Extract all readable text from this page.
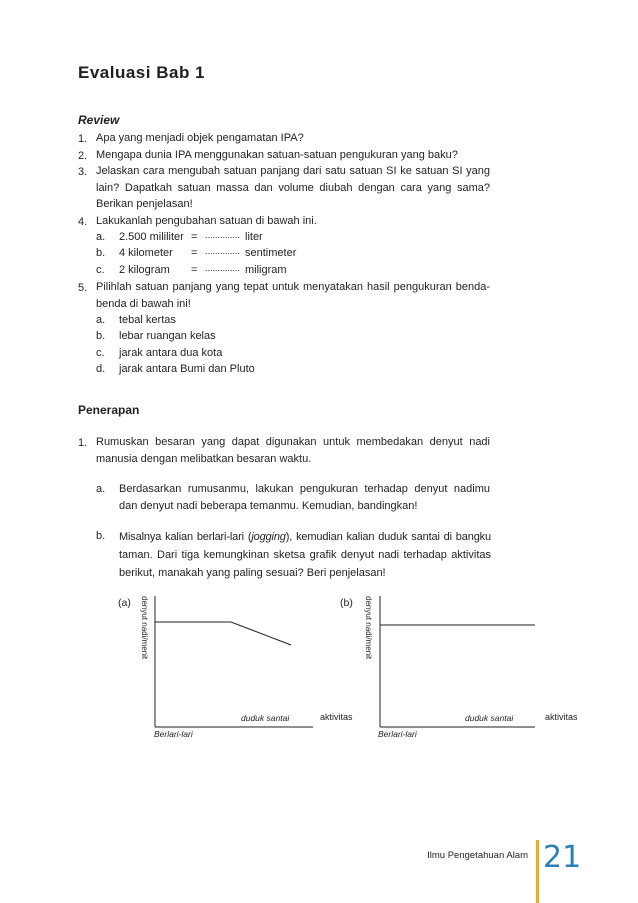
Evaluasi Bab 1
Review
1. Apa yang menjadi objek pengamatan IPA?
2. Mengapa dunia IPA menggunakan satuan-satuan pengukuran yang baku?
3. Jelaskan cara mengubah satuan panjang dari satu satuan SI ke satuan SI yang
lain? Dapatkah satuan massa dan volume diubah dengan cara yang sama?
Berikan penjelasan!
4. Lakukanlah pengubahan satuan di bawah ini.
a. 2.500 mililiter = .............. liter
b. 4 kilometer = .............. sentimeter
c. 2 kilogram = .............. miligram
5. Pilihlah satuan panjang yang tepat untuk menyatakan hasil pengukuran benda-
benda di bawah ini!
a. tebal kertas
b. lebar ruangan kelas
c. jarak antara dua kota
d. jarak antara Bumi dan Pluto
Penerapan
1. Rumuskan besaran yang dapat digunakan untuk membedakan denyut nadi
manusia dengan melibatkan besaran waktu.
a. Berdasarkan rumusanmu, lakukan pengukuran terhadap denyut nadimu
dan denyut nadi beberapa temanmu. Kemudian, bandingkan!
b. Misalnya kalian berlari-lari (jogging), kemudian kalian duduk santai di bangku
taman. Dari tiga kemungkinan sketsa grafik denyut nadi terhadap aktivitas
berikut, manakah yang paling sesuai? Beri penjelasan!
(a) denyut nadi/menit
duduk santai	aktivitas
Berlari-lari
(b) denyut nadi/menit
duduk santai	aktivitas
Berlari-lari
Ilmu Pengetahuan Alam 21
